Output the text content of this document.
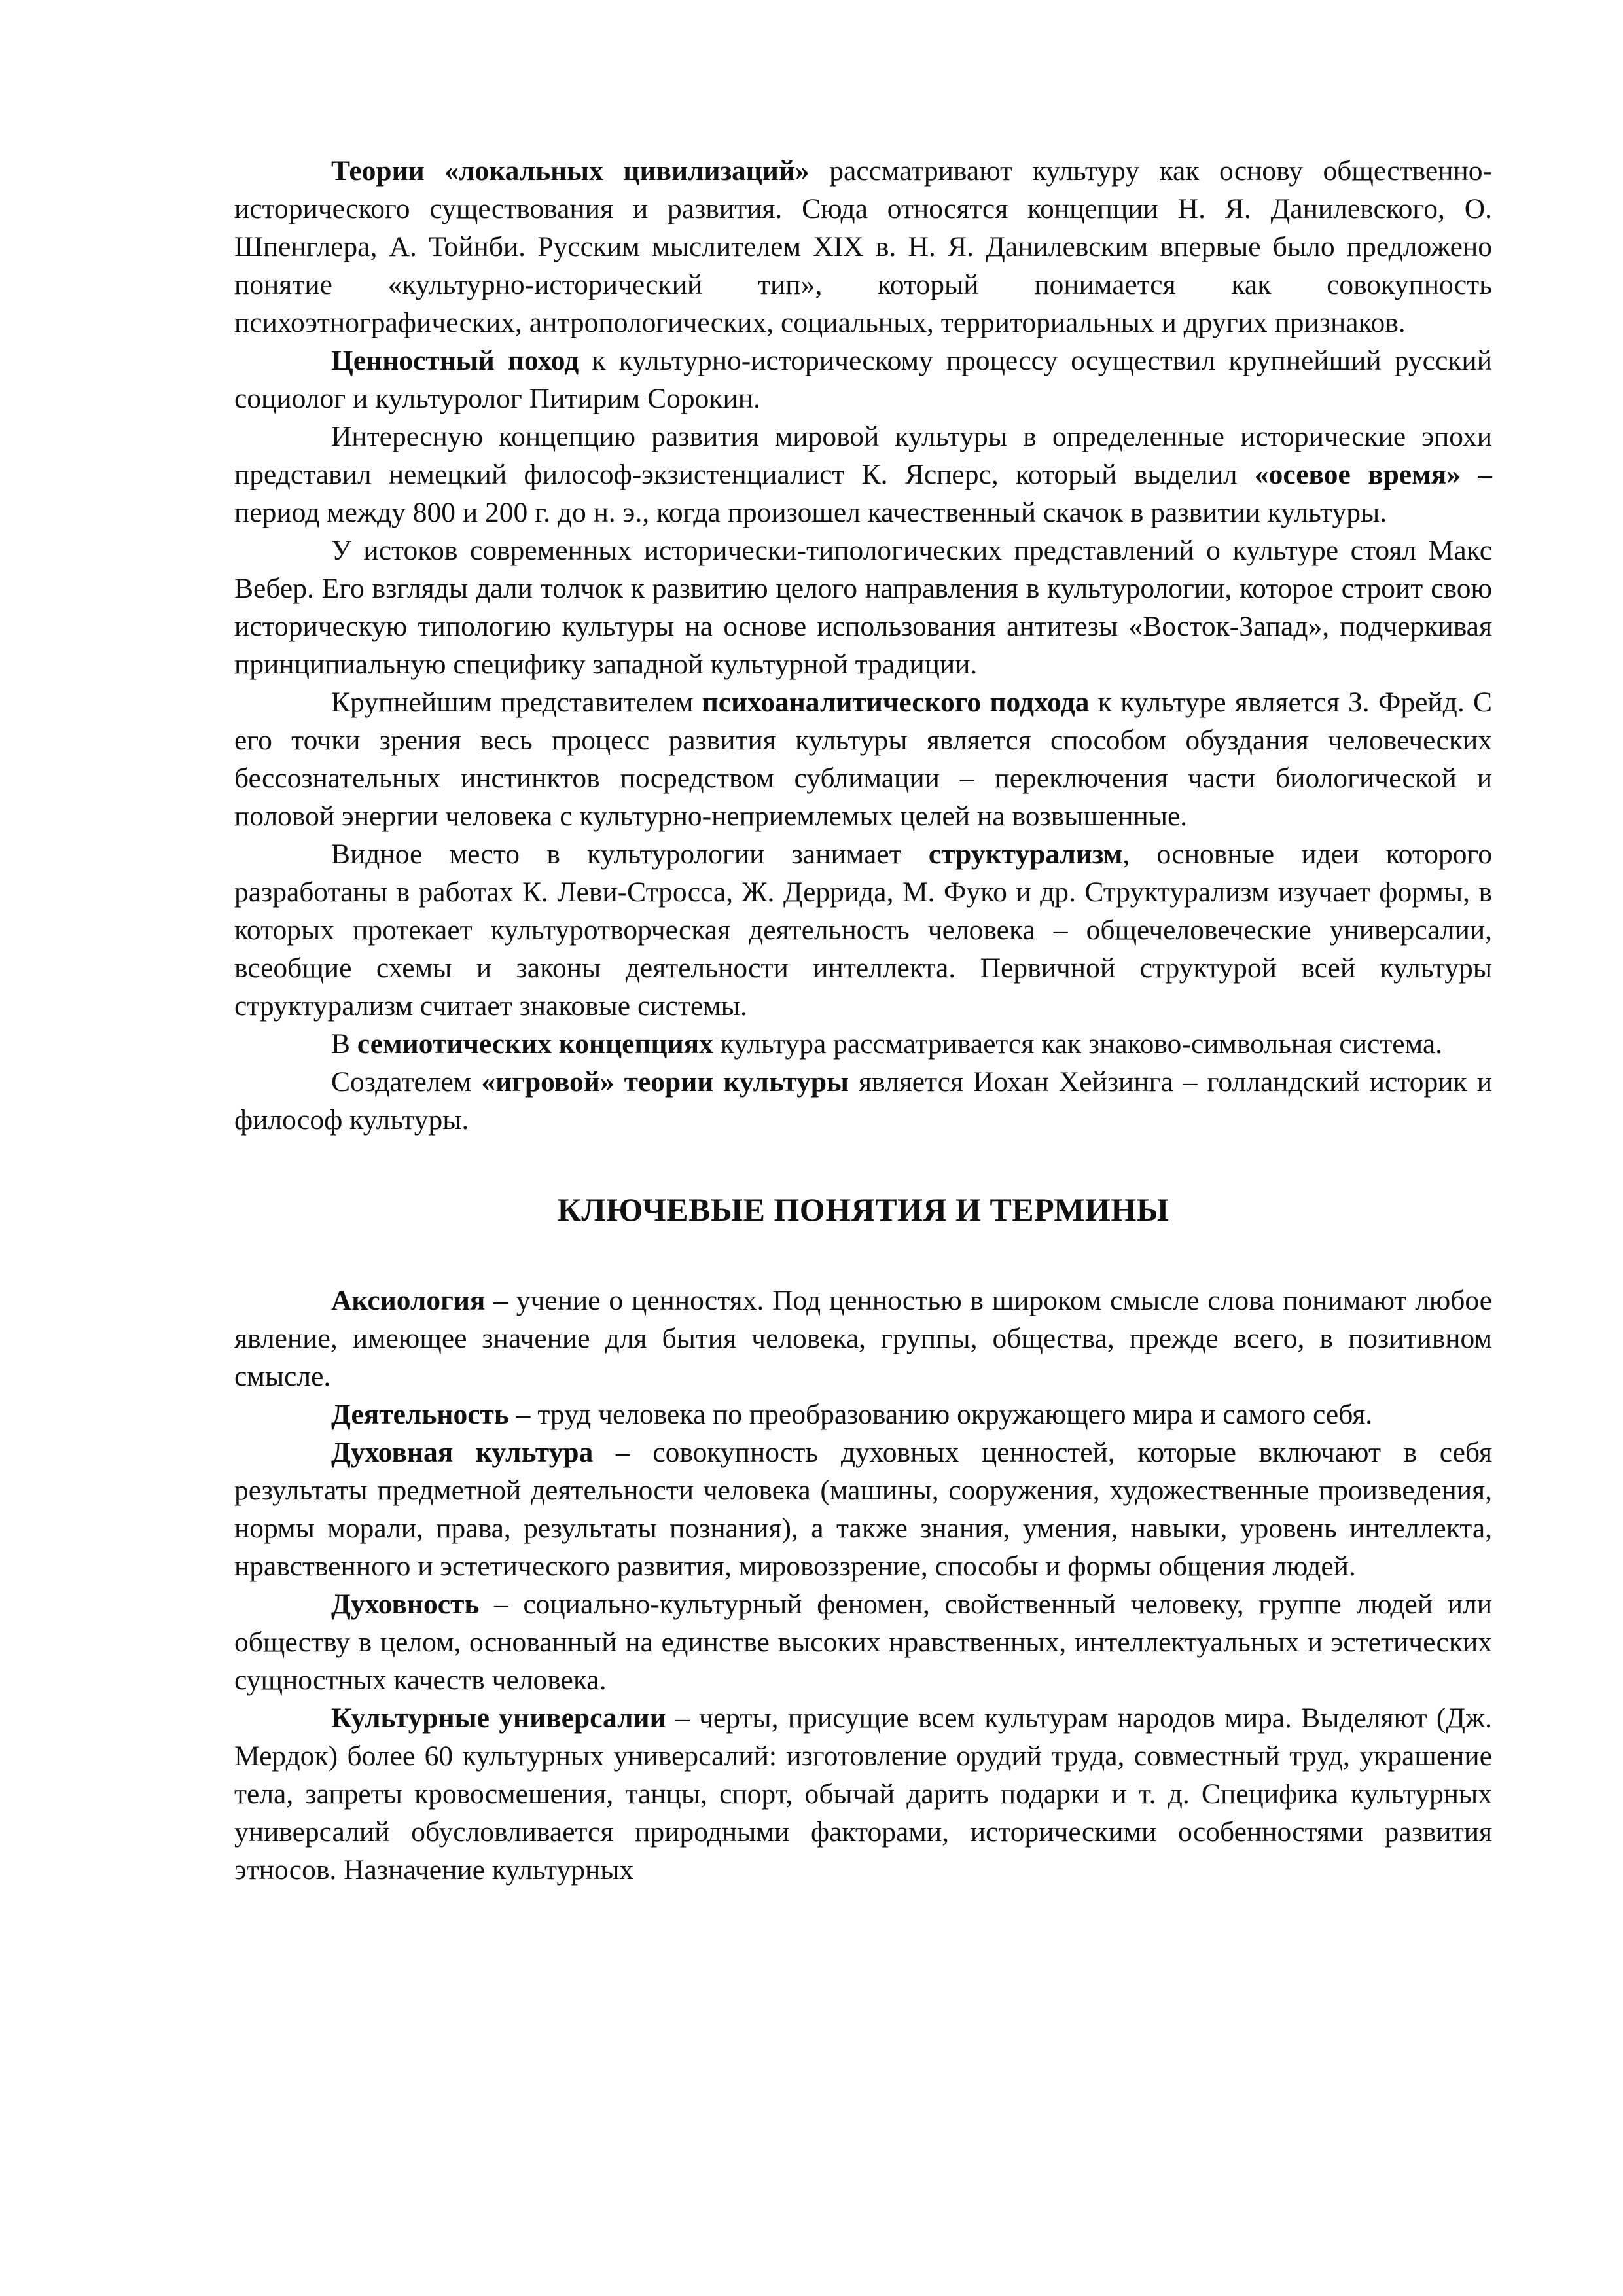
Теории «локальных цивилизаций» рассматривают культуру как основу общественно-исторического существования и развития. Сюда относятся концепции Н. Я. Данилевского, О. Шпенглера, А. Тойнби. Русским мыслителем XIX в. Н. Я. Данилевским впервые было предложено понятие «культурно-исторический тип», который понимается как совокупность психоэтнографических, антропологических, социальных, территориальных и других признаков.

Ценностный поход к культурно-историческому процессу осуществил крупнейший русский социолог и культуролог Питирим Сорокин.

Интересную концепцию развития мировой культуры в определенные исторические эпохи представил немецкий философ-экзистенциалист К. Ясперс, который выделил «осевое время» – период между 800 и 200 г. до н. э., когда произошел качественный скачок в развитии культуры.

У истоков современных исторически-типологических представлений о культуре стоял Макс Вебер. Его взгляды дали толчок к развитию целого направления в культурологии, которое строит свою историческую типологию культуры на основе использования антитезы «Восток-Запад», подчеркивая принципиальную специфику западной культурной традиции.

Крупнейшим представителем психоаналитического подхода к культуре является З. Фрейд. С его точки зрения весь процесс развития культуры является способом обуздания человеческих бессознательных инстинктов посредством сублимации – переключения части биологической и половой энергии человека с культурно-неприемлемых целей на возвышенные.

Видное место в культурологии занимает структурализм, основные идеи которого разработаны в работах К. Леви-Стросса, Ж. Деррида, М. Фуко и др. Структурализм изучает формы, в которых протекает культуротворческая деятельность человека – общечеловеческие универсалии, всеобщие схемы и законы деятельности интеллекта. Первичной структурой всей культуры структурализм считает знаковые системы.

В семиотических концепциях культура рассматривается как знаково-символьная система.

Создателем «игровой» теории культуры является Иохан Хейзинга – голландский историк и философ культуры.

КЛЮЧЕВЫЕ ПОНЯТИЯ И ТЕРМИНЫ

Аксиология – учение о ценностях. Под ценностью в широком смысле слова понимают любое явление, имеющее значение для бытия человека, группы, общества, прежде всего, в позитивном смысле.

Деятельность – труд человека по преобразованию окружающего мира и самого себя.

Духовная культура – совокупность духовных ценностей, которые включают в себя результаты предметной деятельности человека (машины, сооружения, художественные произведения, нормы морали, права, результаты познания), а также знания, умения, навыки, уровень интеллекта, нравственного и эстетического развития, мировоззрение, способы и формы общения людей.

Духовность – социально-культурный феномен, свойственный человеку, группе людей или обществу в целом, основанный на единстве высоких нравственных, интеллектуальных и эстетических сущностных качеств человека.

Культурные универсалии – черты, присущие всем культурам народов мира. Выделяют (Дж. Мердок) более 60 культурных универсалий: изготовление орудий труда, совместный труд, украшение тела, запреты кровосмешения, танцы, спорт, обычай дарить подарки и т. д. Специфика культурных универсалий обусловливается природными факторами, историческими особенностями развития этносов. Назначение культурных
